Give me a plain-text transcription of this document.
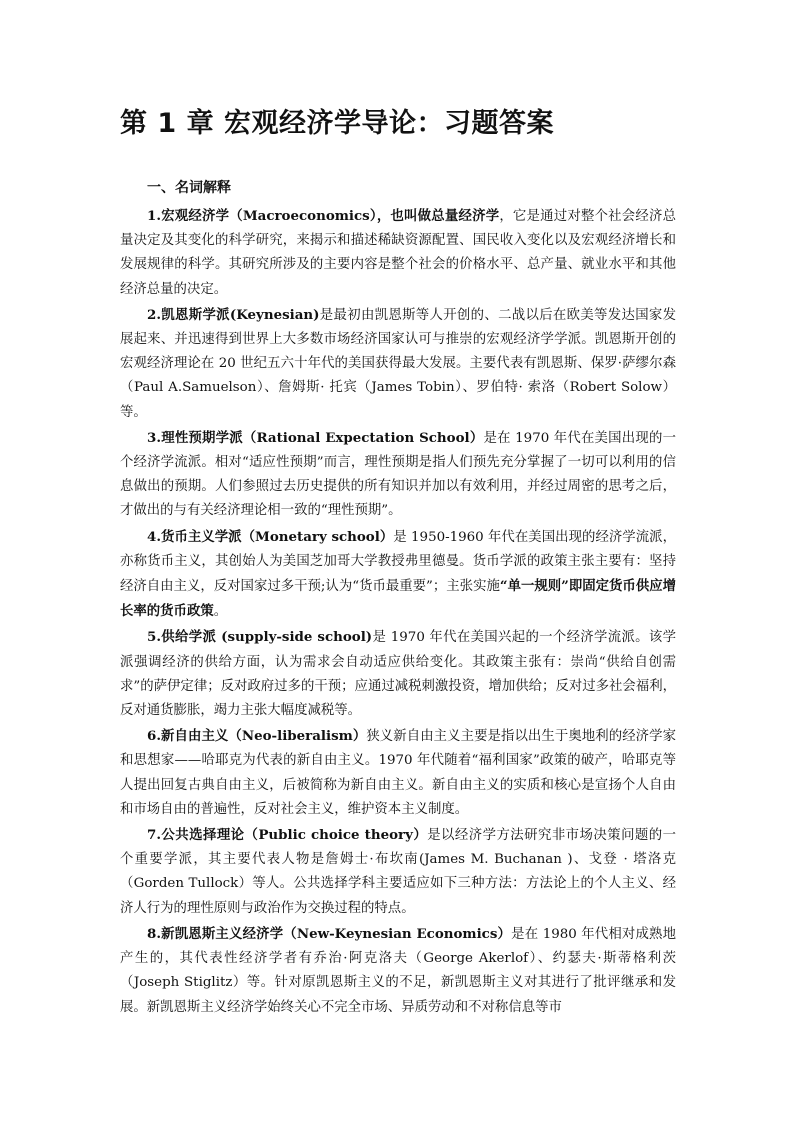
第 1 章 宏观经济学导论：习题答案
一、名词解释

1.宏观经济学（Macroeconomics），也叫做总量经济学，它是通过对整个社会经济总量决定及其变化的科学研究，来揭示和描述稀缺资源配置、国民收入变化以及宏观经济增长和发展规律的科学。其研究所涉及的主要内容是整个社会的价格水平、总产量、就业水平和其他经济总量的决定。

2.凯恩斯学派(Keynesian)是最初由凯恩斯等人开创的、二战以后在欧美等发达国家发展起来、并迅速得到世界上大多数市场经济国家认可与推崇的宏观经济学学派。凯恩斯开创的宏观经济理论在 20 世纪五六十年代的美国获得最大发展。主要代表有凯恩斯、保罗·萨缪尔森（Paul A.Samuelson）、詹姆斯· 托宾（James Tobin）、罗伯特· 索洛（Robert Solow）等。

3.理性预期学派（Rational Expectation School）是在 1970 年代在美国出现的一个经济学流派。相对“适应性预期”而言，理性预期是指人们预先充分掌握了一切可以利用的信息做出的预期。人们参照过去历史提供的所有知识并加以有效利用，并经过周密的思考之后，才做出的与有关经济理论相一致的“理性预期”。

4.货币主义学派（Monetary school）是 1950-1960 年代在美国出现的经济学流派，亦称货币主义，其创始人为美国芝加哥大学教授弗里德曼。货币学派的政策主张主要有：坚持经济自由主义，反对国家过多干预;认为“货币最重要”；主张实施“单一规则”即固定货币供应增长率的货币政策。

5.供给学派 (supply-side school)是 1970 年代在美国兴起的一个经济学流派。该学派强调经济的供给方面，认为需求会自动适应供给变化。其政策主张有：崇尚“供给自创需求”的萨伊定律；反对政府过多的干预；应通过减税刺激投资，增加供给；反对过多社会福利，反对通货膨胀，竭力主张大幅度减税等。

6.新自由主义（Neo-liberalism）狭义新自由主义主要是指以出生于奥地利的经济学家和思想家——哈耶克为代表的新自由主义。1970 年代随着“福利国家”政策的破产，哈耶克等人提出回复古典自由主义，后被简称为新自由主义。新自由主义的实质和核心是宣扬个人自由和市场自由的普遍性，反对社会主义，维护资本主义制度。

7.公共选择理论（Public choice theory）是以经济学方法研究非市场决策问题的一个重要学派，其主要代表人物是詹姆士·布坎南(James M. Buchanan )、戈登 · 塔洛克（Gorden Tullock）等人。公共选择学科主要适应如下三种方法：方法论上的个人主义、经济人行为的理性原则与政治作为交换过程的特点。

8.新凯恩斯主义经济学（New-Keynesian Economics）是在 1980 年代相对成熟地产生的，其代表性经济学者有乔治·阿克洛夫（George Akerlof）、约瑟夫·斯蒂格利茨（Joseph Stiglitz）等。针对原凯恩斯主义的不足，新凯恩斯主义对其进行了批评继承和发展。新凯恩斯主义经济学始终关心不完全市场、异质劳动和不对称信息等市
